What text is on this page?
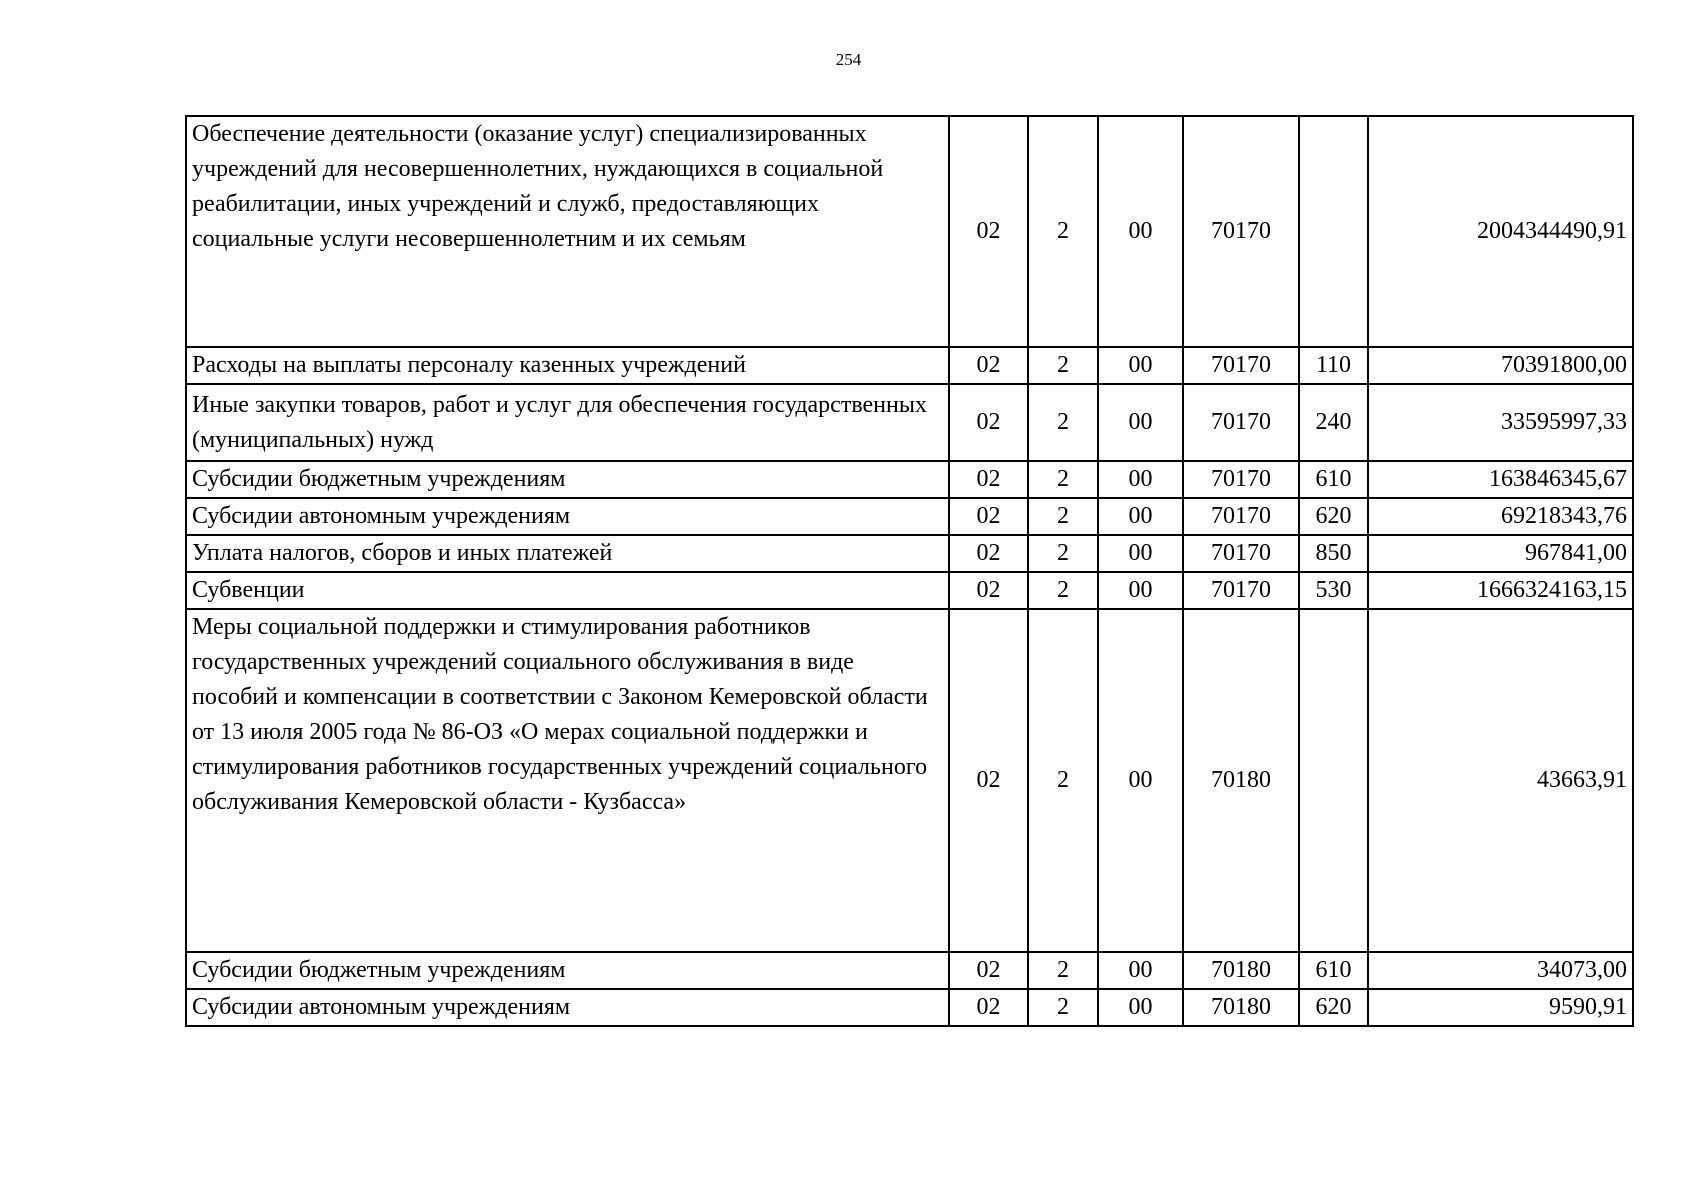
254
Обеспечение деятельности (оказание услуг) специализированных учреждений для несовершеннолетних, нуждающихся в социальной реабилитации, иных учреждений и служб, предоставляющих социальные услуги несовершеннолетним и их семьям	02	2	00	70170		2004344490,91
Расходы на выплаты персоналу казенных учреждений	02	2	00	70170	110	70391800,00
Иные закупки товаров, работ и услуг для обеспечения государственных (муниципальных) нужд	02	2	00	70170	240	33595997,33
Субсидии бюджетным учреждениям	02	2	00	70170	610	163846345,67
Субсидии автономным учреждениям	02	2	00	70170	620	69218343,76
Уплата налогов, сборов и иных платежей	02	2	00	70170	850	967841,00
Субвенции	02	2	00	70170	530	1666324163,15
Меры социальной поддержки и стимулирования работников государственных учреждений социального обслуживания в виде пособий и компенсации в соответствии с Законом Кемеровской области от 13 июля 2005 года № 86-ОЗ «О мерах социальной поддержки и стимулирования работников государственных учреждений социального обслуживания Кемеровской области - Кузбасса»	02	2	00	70180		43663,91
Субсидии бюджетным учреждениям	02	2	00	70180	610	34073,00
Субсидии автономным учреждениям	02	2	00	70180	620	9590,91
